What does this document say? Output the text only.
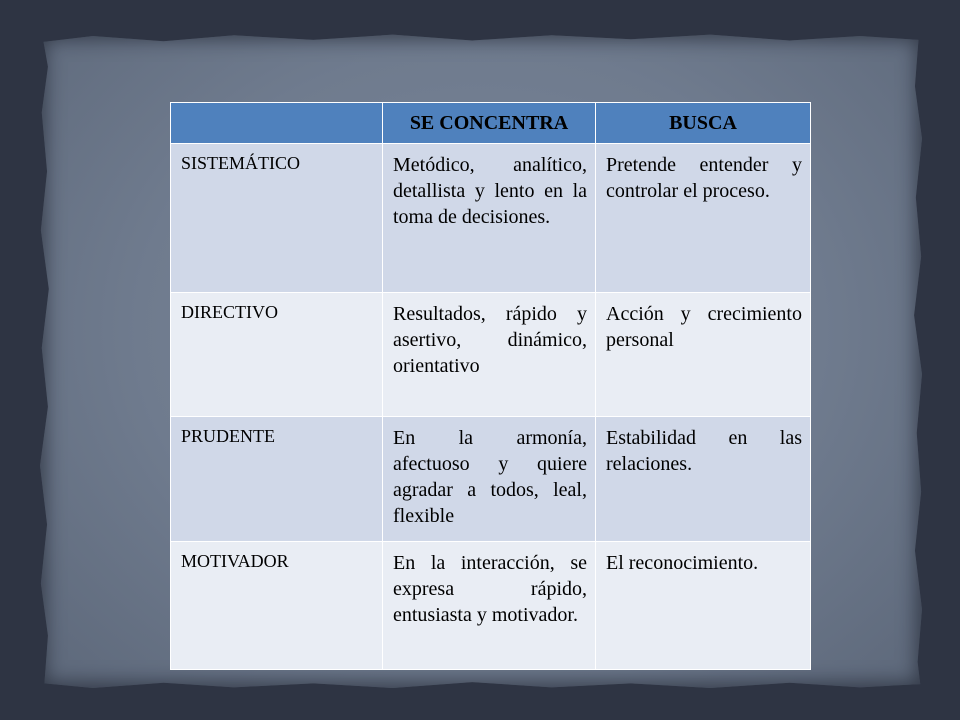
	SE CONCENTRA	BUSCA
SISTEMÁTICO	Metódico, analítico, detallista y lento en la toma de decisiones.	Pretende entender y controlar el proceso.
DIRECTIVO	Resultados, rápido y asertivo, dinámico, orientativo	Acción y crecimiento personal
PRUDENTE	En la armonía, afectuoso y quiere agradar a todos, leal, flexible	Estabilidad en las relaciones.
MOTIVADOR	En la interacción, se expresa rápido, entusiasta y motivador.	El reconocimiento.
